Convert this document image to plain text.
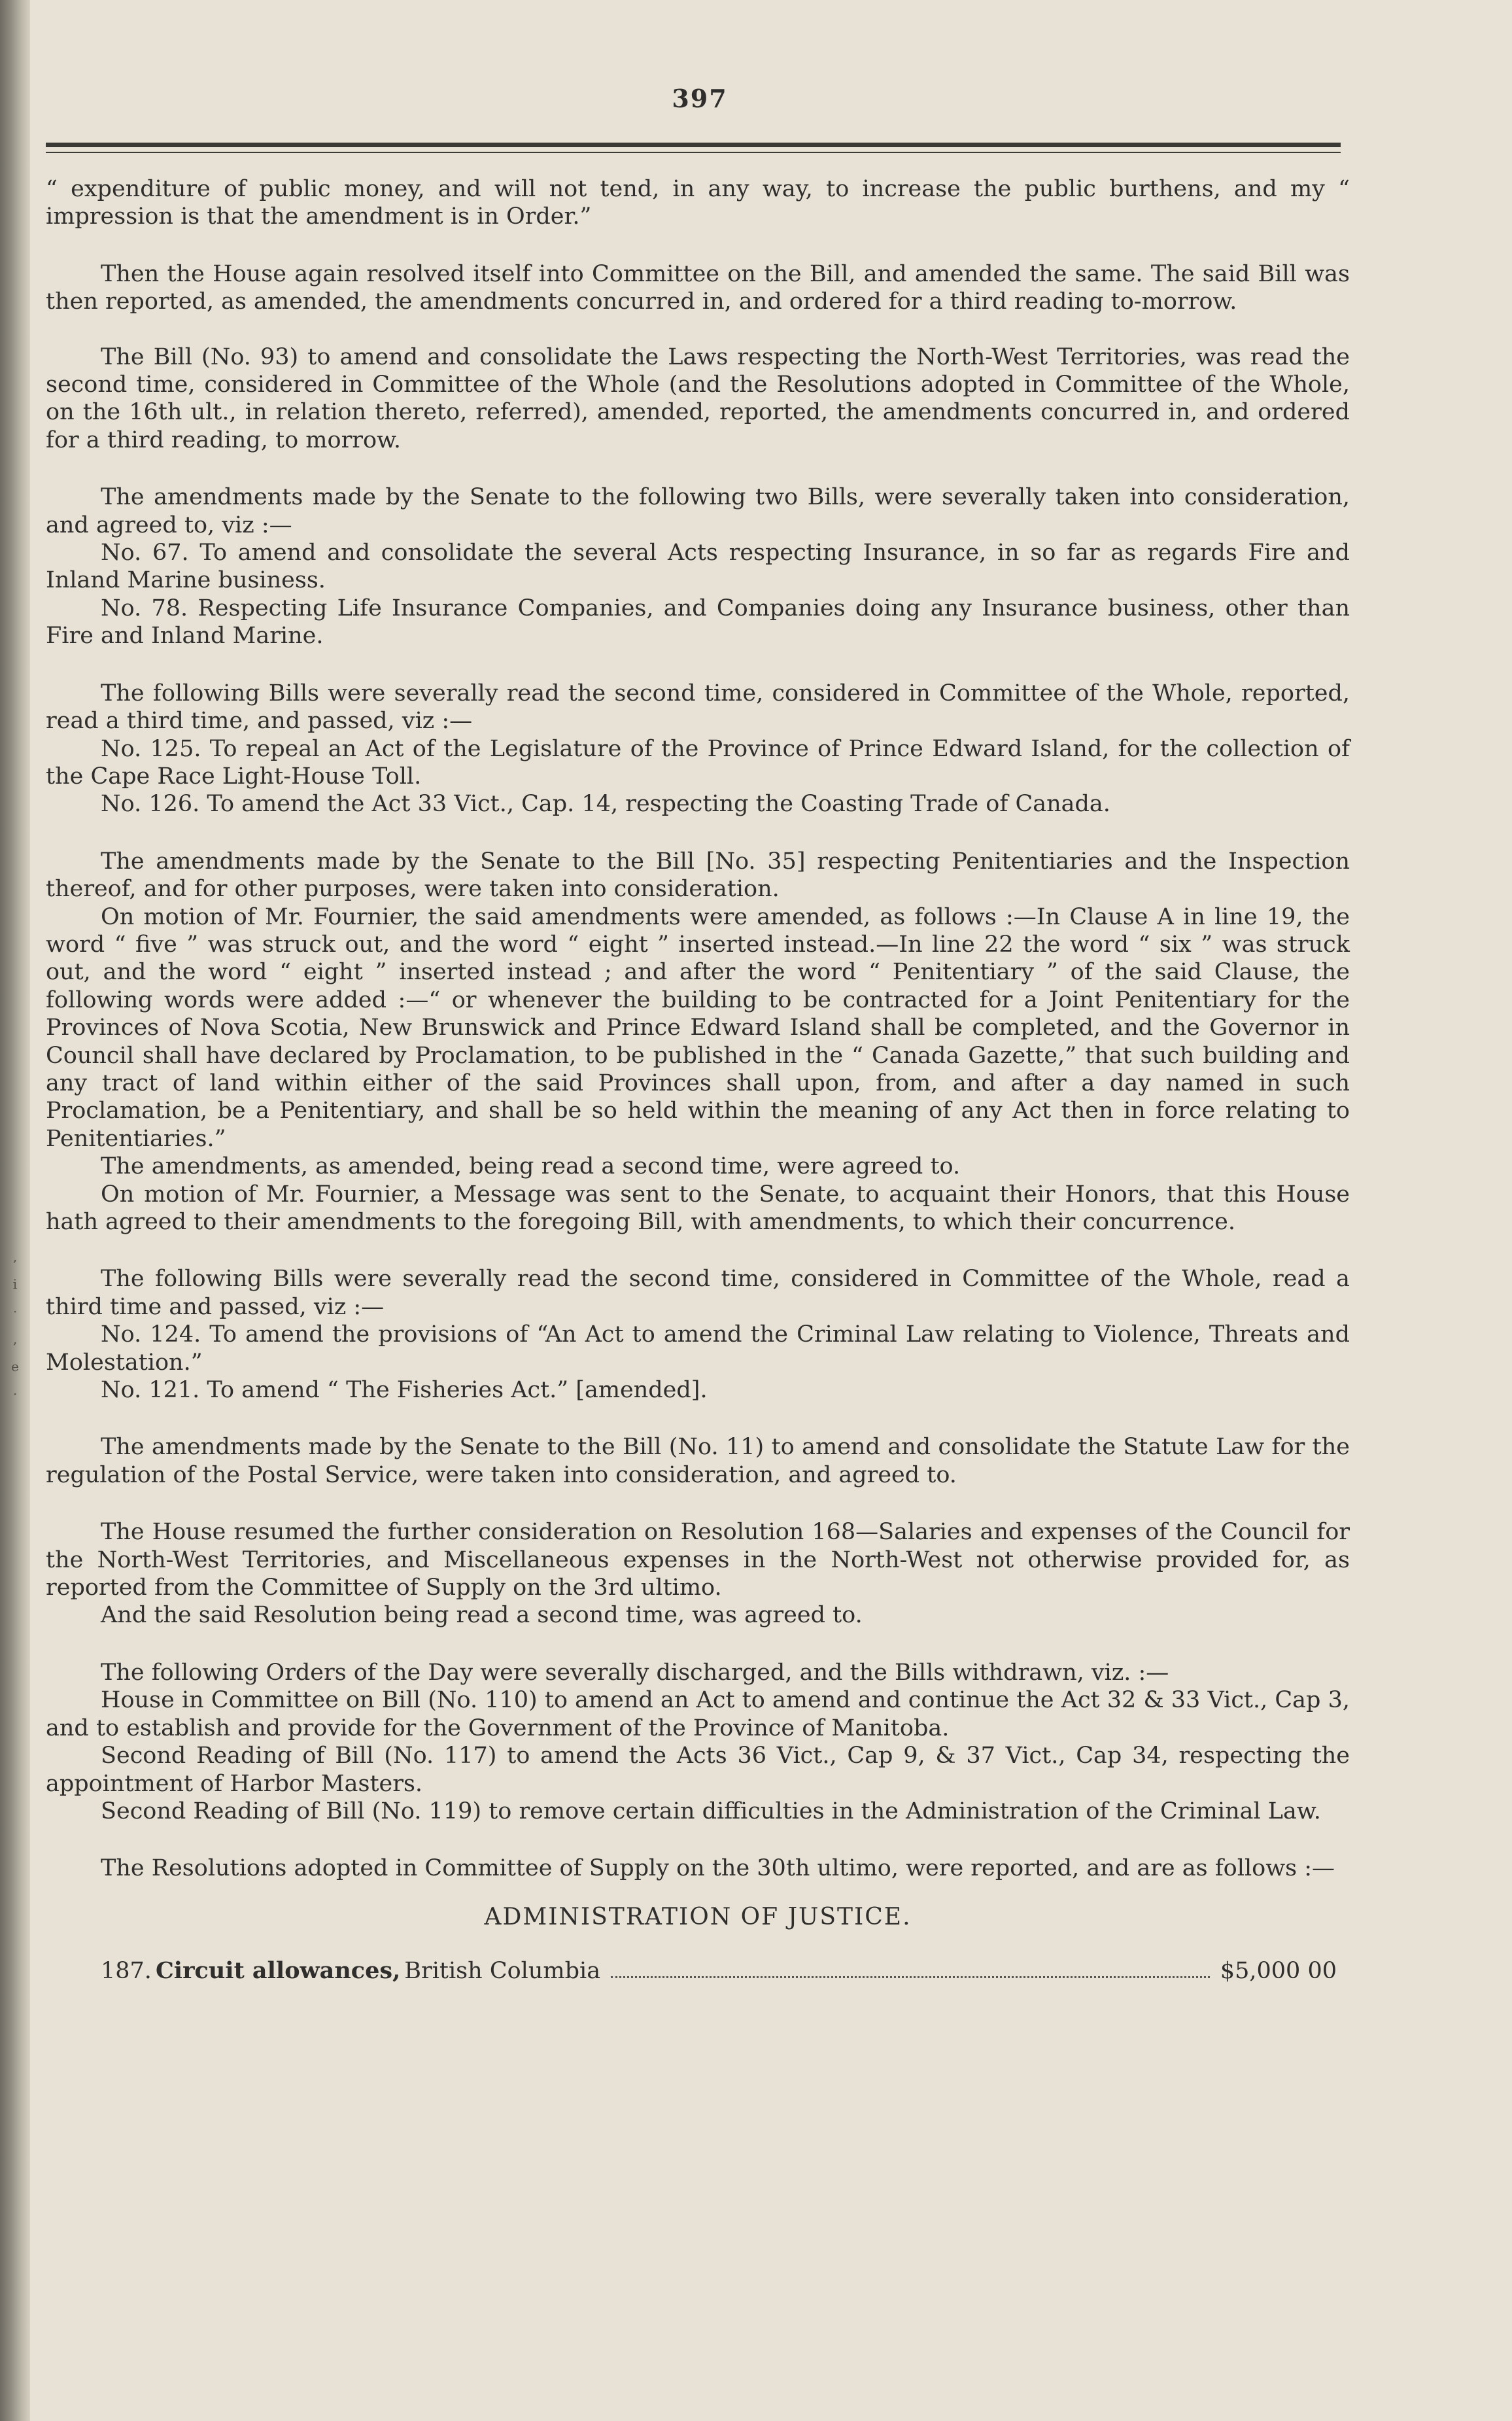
,
i
·
,
e
·
397

“ expenditure of public money, and will not tend, in any way, to increase the public burthens, and my “ impression is that the amendment is in Order.”

Then the House again resolved itself into Committee on the Bill, and amended the same. The said Bill was then reported, as amended, the amendments concurred in, and ordered for a third reading to-morrow.

The Bill (No. 93) to amend and consolidate the Laws respecting the North-West Territories, was read the second time, considered in Committee of the Whole (and the Resolutions adopted in Committee of the Whole, on the 16th ult., in relation thereto, referred), amended, reported, the amendments concurred in, and ordered for a third reading, to morrow.

The amendments made by the Senate to the following two Bills, were severally taken into consideration, and agreed to, viz :—

No. 67. To amend and consolidate the several Acts respecting Insurance, in so far as regards Fire and Inland Marine business.

No. 78. Respecting Life Insurance Companies, and Companies doing any Insurance business, other than Fire and Inland Marine.

The following Bills were severally read the second time, considered in Committee of the Whole, reported, read a third time, and passed, viz :—

No. 125. To repeal an Act of the Legislature of the Province of Prince Edward Island, for the collection of the Cape Race Light-House Toll.

No. 126. To amend the Act 33 Vict., Cap. 14, respecting the Coasting Trade of Canada.

The amendments made by the Senate to the Bill [No. 35] respecting Penitentiaries and the Inspection thereof, and for other purposes, were taken into consideration.

On motion of Mr. Fournier, the said amendments were amended, as follows :—In Clause A in line 19, the word “ five ” was struck out, and the word “ eight ” inserted instead.—In line 22 the word “ six ” was struck out, and the word “ eight ” inserted instead ; and after the word “ Penitentiary ” of the said Clause, the following words were added :—“ or whenever the building to be contracted for a Joint Penitentiary for the Provinces of Nova Scotia, New Brunswick and Prince Edward Island shall be completed, and the Governor in Council shall have declared by Proclamation, to be published in the “ Canada Gazette,” that such building and any tract of land within either of the said Provinces shall upon, from, and after a day named in such Proclamation, be a Penitentiary, and shall be so held within the meaning of any Act then in force relating to Penitentiaries.”

The amendments, as amended, being read a second time, were agreed to.

On motion of Mr. Fournier, a Message was sent to the Senate, to acquaint their Honors, that this House hath agreed to their amendments to the foregoing Bill, with amendments, to which their concurrence.

The following Bills were severally read the second time, considered in Committee of the Whole, read a third time and passed, viz :—

No. 124. To amend the provisions of “An Act to amend the Criminal Law relating to Violence, Threats and Molestation.”

No. 121. To amend “ The Fisheries Act.” [amended].

The amendments made by the Senate to the Bill (No. 11) to amend and consolidate the Statute Law for the regulation of the Postal Service, were taken into consideration, and agreed to.

The House resumed the further consideration on Resolution 168—Salaries and expenses of the Council for the North-West Territories, and Miscellaneous expenses in the North-West not otherwise provided for, as reported from the Committee of Supply on the 3rd ultimo.

And the said Resolution being read a second time, was agreed to.

The following Orders of the Day were severally discharged, and the Bills withdrawn, viz. :—

House in Committee on Bill (No. 110) to amend an Act to amend and continue the Act 32 & 33 Vict., Cap 3, and to establish and provide for the Government of the Province of Manitoba.

Second Reading of Bill (No. 117) to amend the Acts 36 Vict., Cap 9, & 37 Vict., Cap 34, respecting the appointment of Harbor Masters.

Second Reading of Bill (No. 119) to remove certain difficulties in the Administration of the Criminal Law.

The Resolutions adopted in Committee of Supply on the 30th ultimo, were reported, and are as follows :—

ADMINISTRATION OF JUSTICE.
187. Circuit allowances, British Columbia	$5,000 00
